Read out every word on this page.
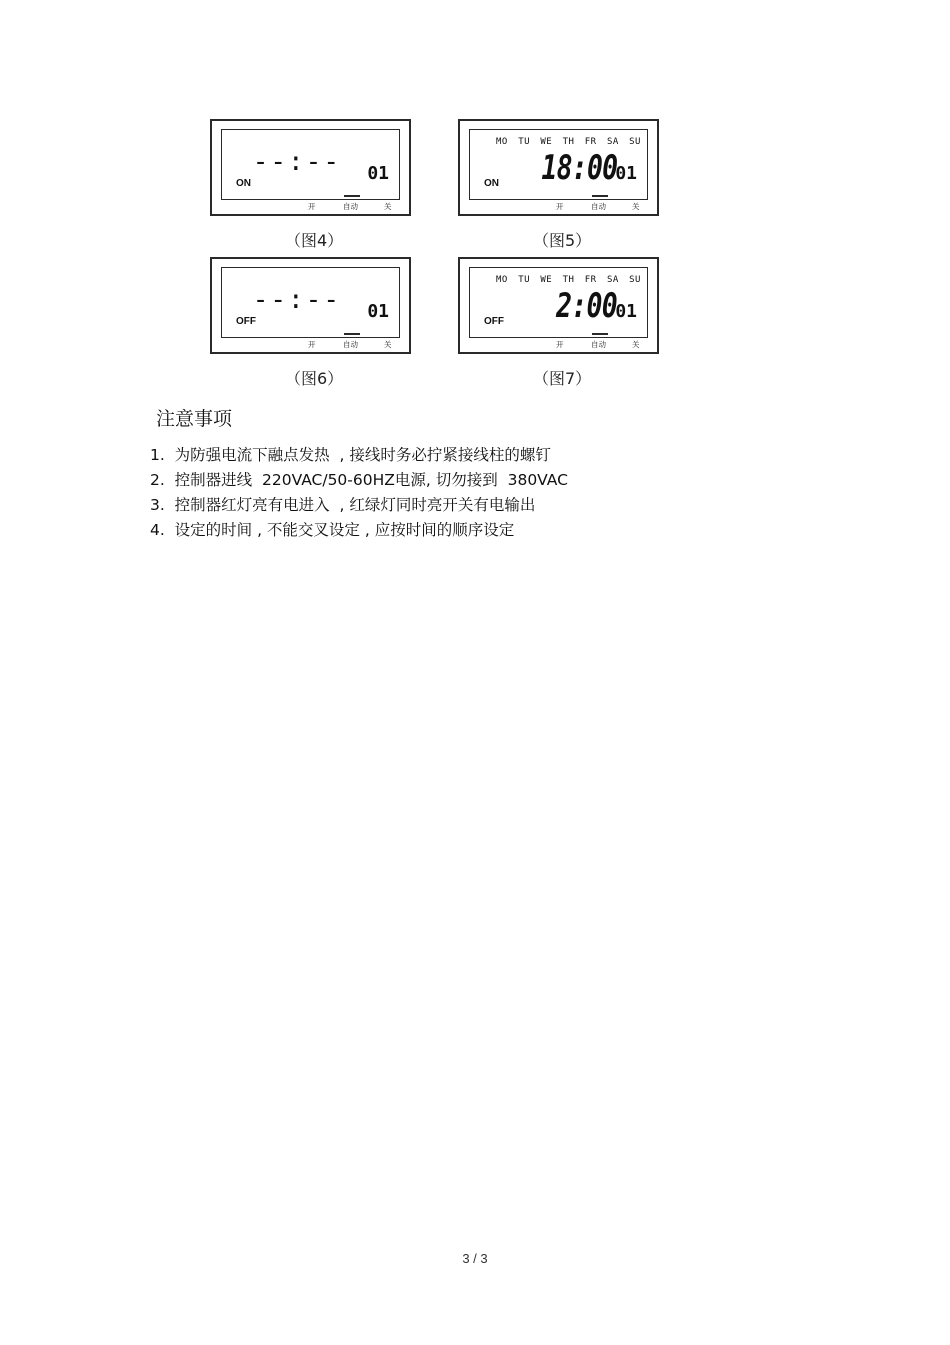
ON
--:-- 01
开	自动	关
（图4）
MO TU WE TH FR SA SU
ON 18:00
01
开	自动	关
（图5）
OFF
--:-- 01
开	自动	关
（图6）
MO TU WE TH FR SA SU
OFF 2:00
01
开	自动	关
（图7）
注意事项
1.  为防强电流下融点发热  , 接线时务必拧紧接线柱的螺钉
2.  控制器进线  220VAC/50-60HZ电源, 切勿接到  380VAC
3.  控制器红灯亮有电进入  , 红绿灯同时亮开关有电输出
4.  设定的时间 , 不能交叉设定 , 应按时间的顺序设定
3 / 3
